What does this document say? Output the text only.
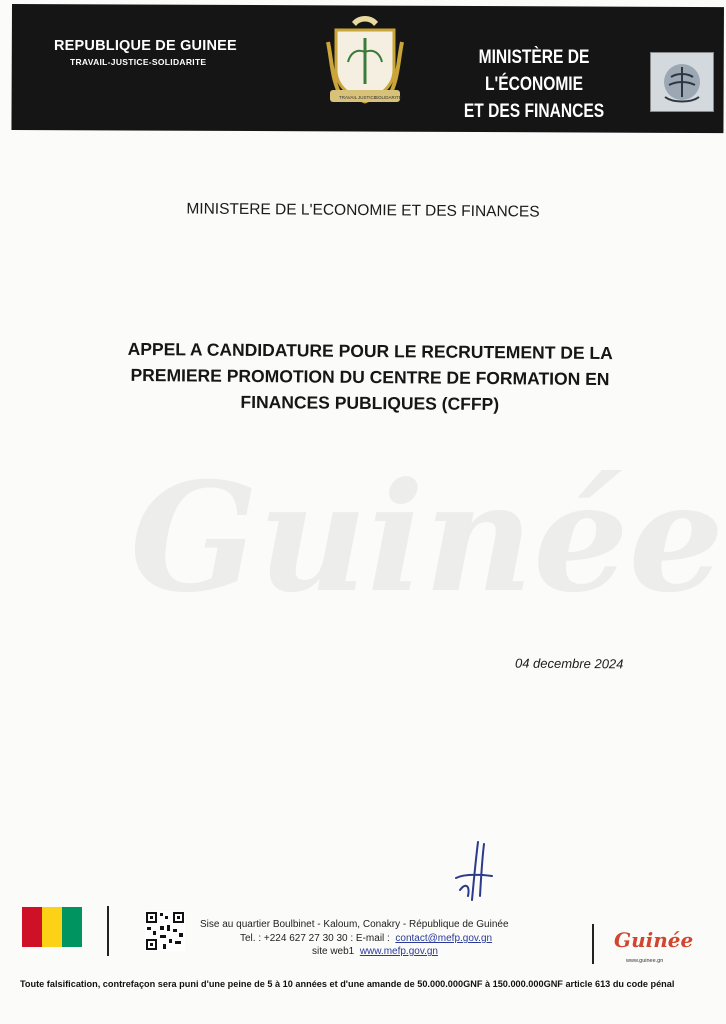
REPUBLIQUE DE GUINEE
TRAVAIL-JUSTICE-SOLIDARITE
TRAVAIL JUSTICE
SOLIDARITE
MINISTÈRE DE L'ÉCONOMIE
ET DES FINANCES
MINISTERE DE L'ECONOMIE ET DES FINANCES
APPEL A CANDIDATURE POUR LE RECRUTEMENT DE LA
PREMIERE PROMOTION DU CENTRE DE FORMATION EN
FINANCES PUBLIQUES (CFFP)
Guinée
04 decembre 2024
Sise au quartier Boulbinet - Kaloum, Conakry - République de Guinée
Tel. : +224 627 27 30 30 : E-mail : contact@mefp.gov.gn
site web1 www.mefp.gov.gn	Guinée
www.guinee.gn
Toute falsification, contrefaçon sera puni d'une peine de 5 à 10 années et d'une amande de 50.000.000GNF à 150.000.000GNF article 613 du code pénal
